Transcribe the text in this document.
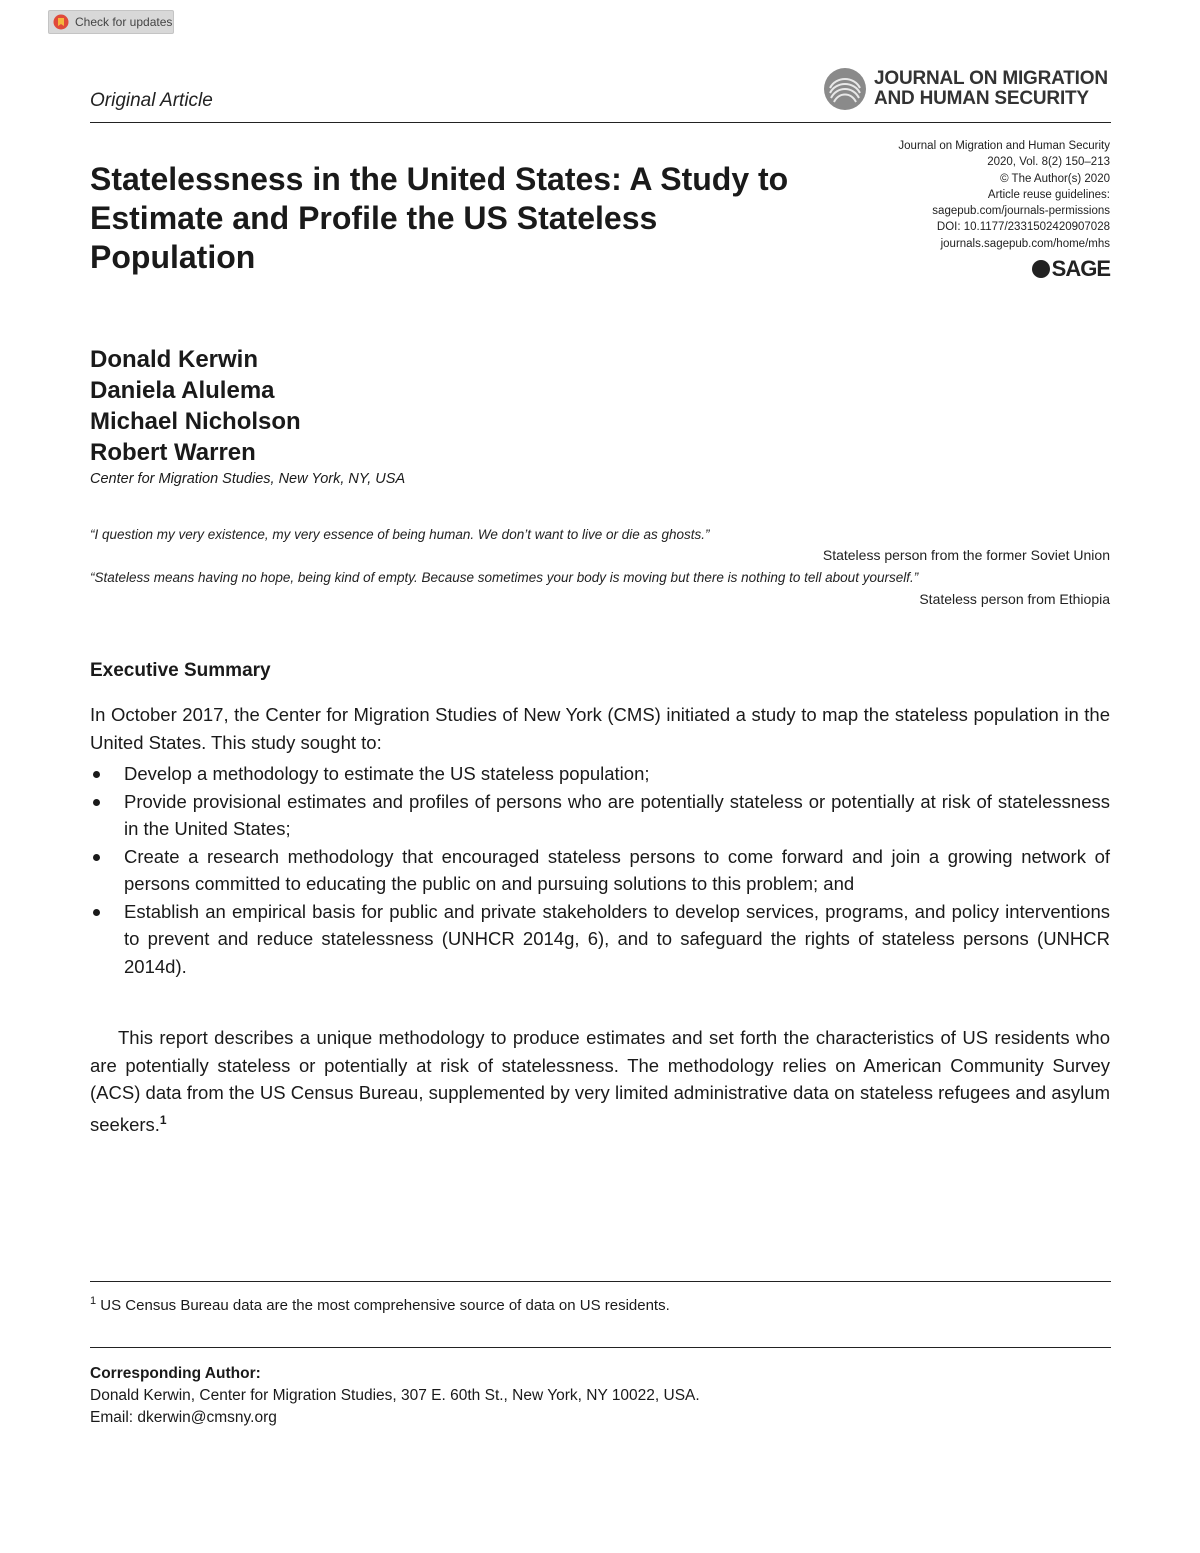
Check for updates
Original Article
JOURNAL ON MIGRATION
AND HUMAN SECURITY
Journal on Migration and Human Security
2020, Vol. 8(2) 150–213
© The Author(s) 2020
Article reuse guidelines:
sagepub.com/journals-permissions
DOI: 10.1177/2331502420907028
journals.sagepub.com/home/mhs
SAGE
Statelessness in the United States: A Study to
Estimate and Profile the US Stateless
Population
Donald Kerwin
Daniela Alulema
Michael Nicholson
Robert Warren
Center for Migration Studies, New York, NY, USA
“I question my very existence, my very essence of being human. We don’t want to live or die as ghosts.”
Stateless person from the former Soviet Union
“Stateless means having no hope, being kind of empty. Because sometimes your body is moving but there is nothing to tell about yourself.”
Stateless person from Ethiopia
Executive Summary
In October 2017, the Center for Migration Studies of New York (CMS) initiated a study to map the stateless population in the United States. This study sought to:
Develop a methodology to estimate the US stateless population;
Provide provisional estimates and profiles of persons who are potentially stateless or potentially at risk of statelessness in the United States;
Create a research methodology that encouraged stateless persons to come forward and join a growing network of persons committed to educating the public on and pursuing solutions to this problem; and
Establish an empirical basis for public and private stakeholders to develop services, programs, and policy interventions to prevent and reduce statelessness (UNHCR 2014g, 6), and to safeguard the rights of stateless persons (UNHCR 2014d).
This report describes a unique methodology to produce estimates and set forth the characteristics of US residents who are potentially stateless or potentially at risk of statelessness. The methodology relies on American Community Survey (ACS) data from the US Census Bureau, supplemented by very limited administrative data on stateless refugees and asylum seekers.$^1$
$^1$ US Census Bureau data are the most comprehensive source of data on US residents.
Corresponding Author:
Donald Kerwin, Center for Migration Studies, 307 E. 60th St., New York, NY 10022, USA.
Email: dkerwin@cmsny.org
